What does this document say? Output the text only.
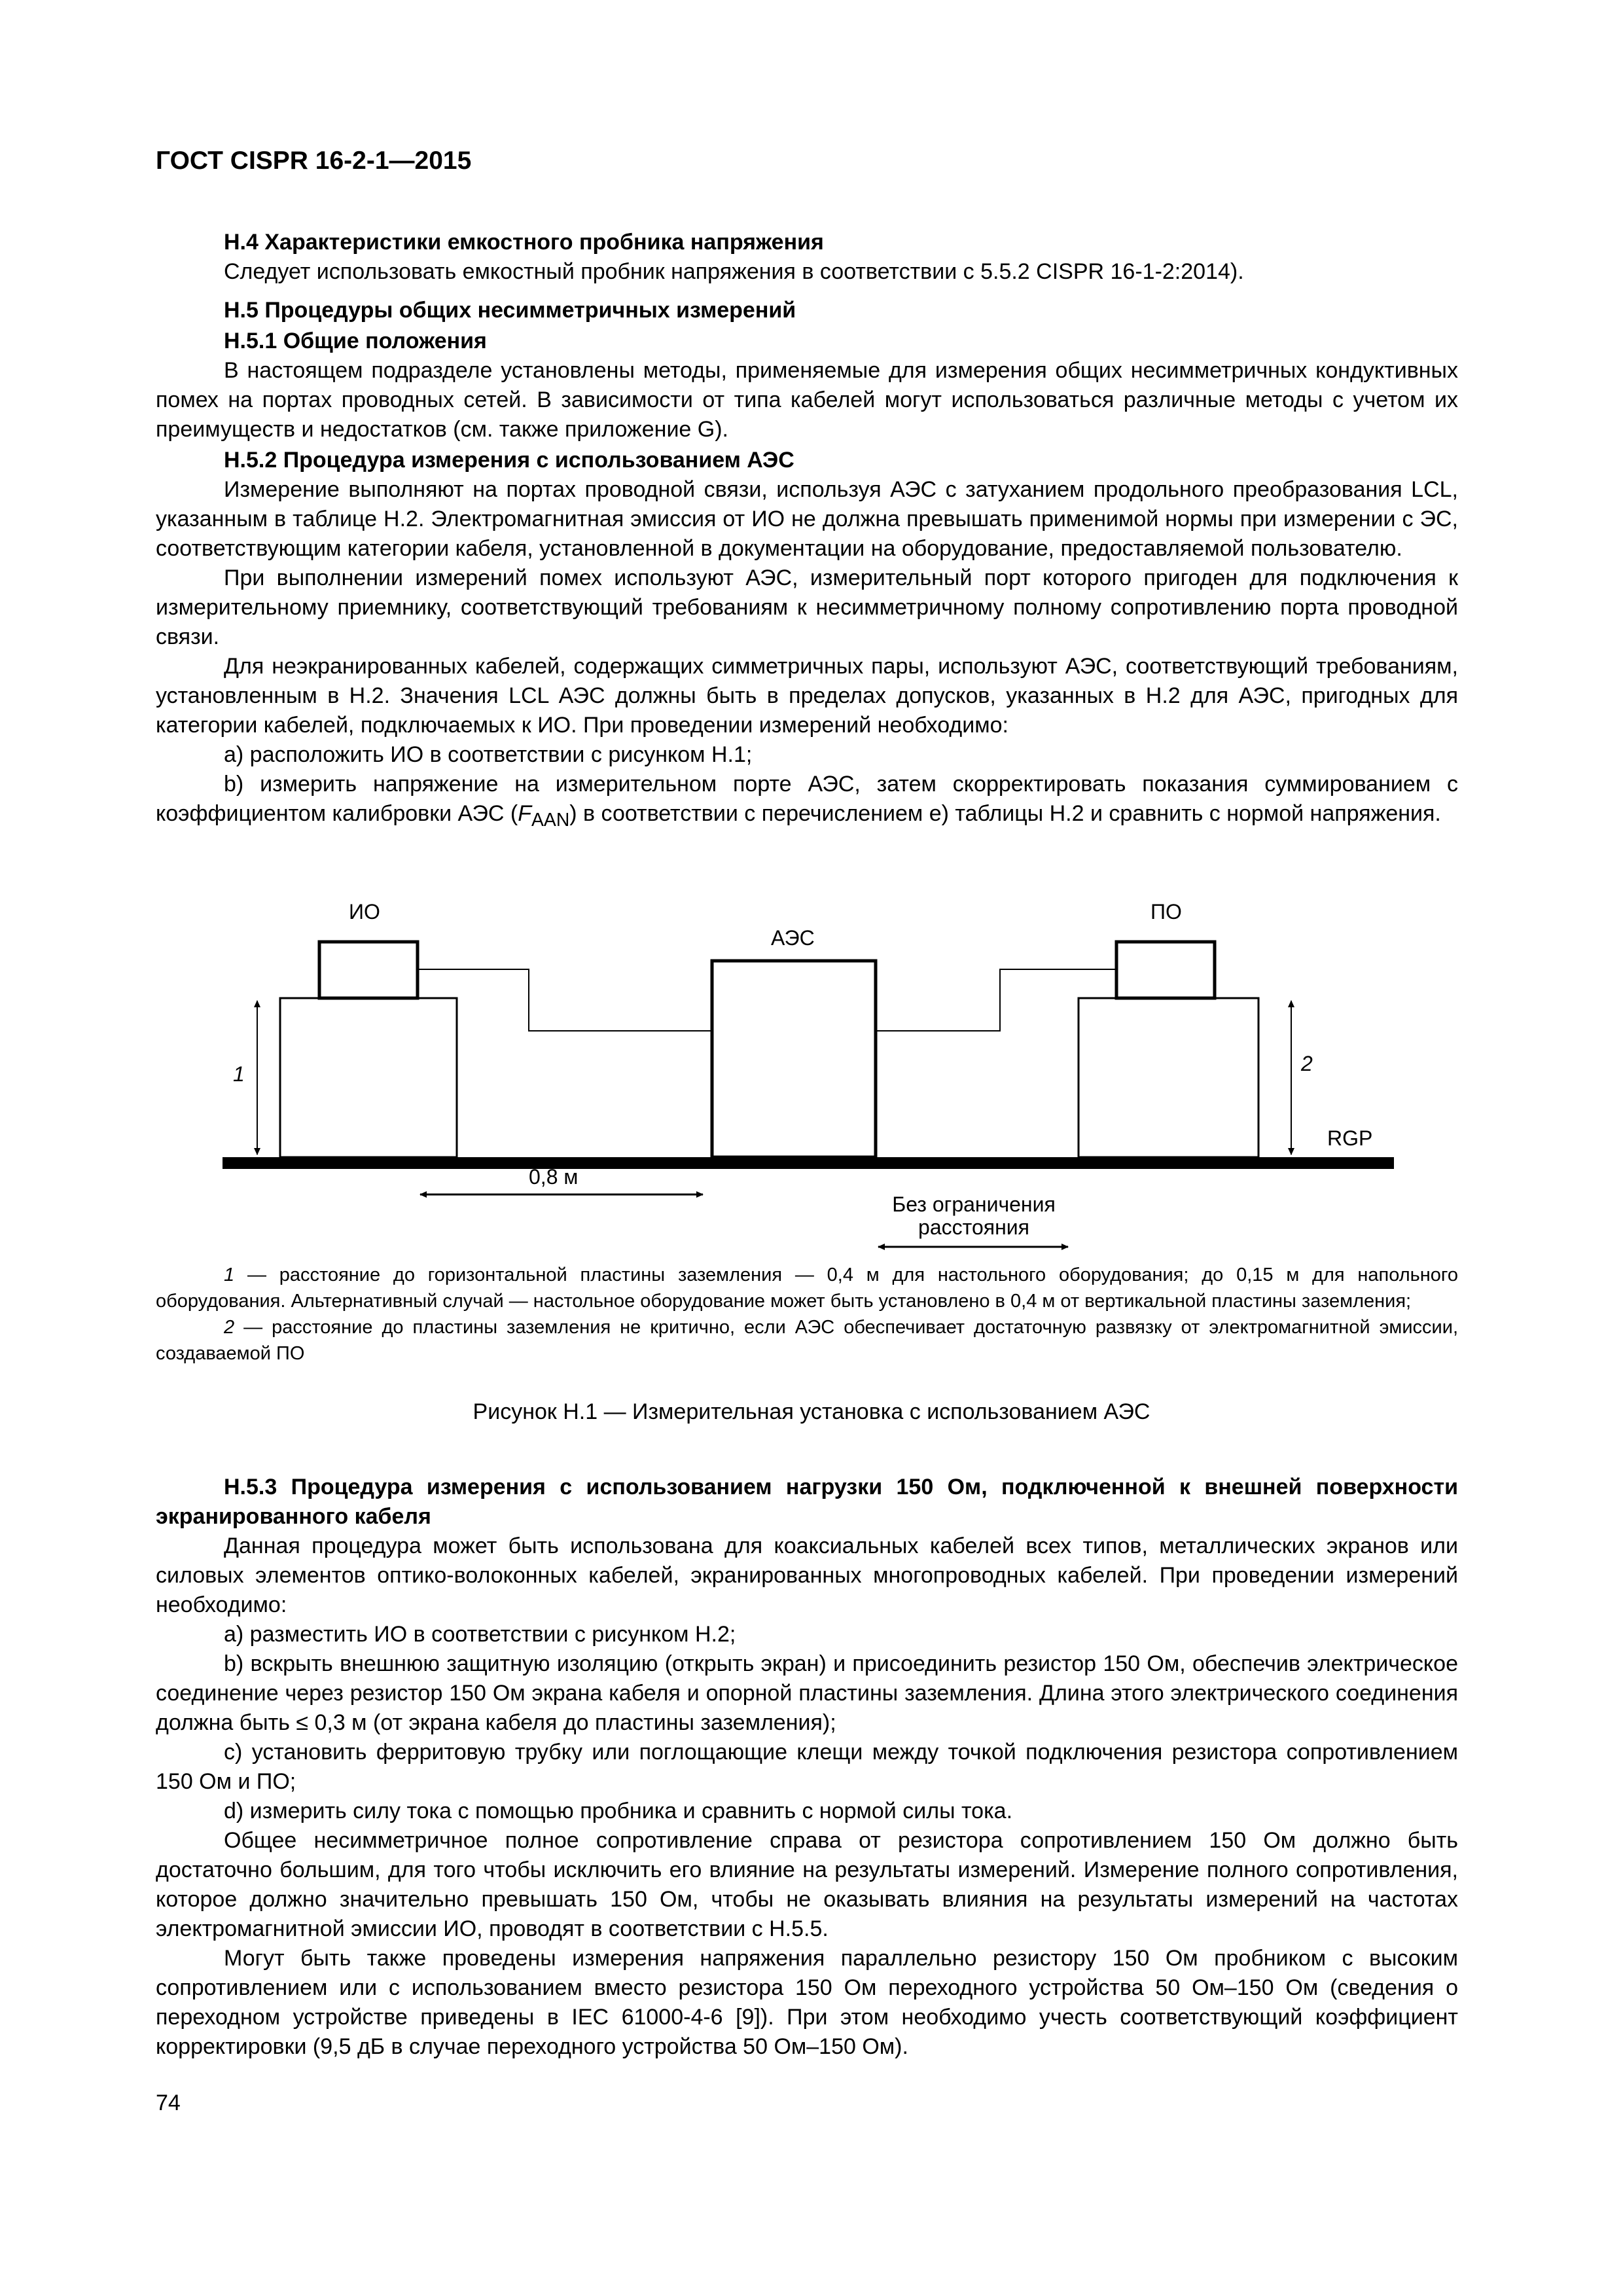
ГОСТ CISPR 16-2-1—2015

H.4 Характеристики емкостного пробника напряжения

Следует использовать емкостный пробник напряжения в соответствии с 5.5.2 CISPR 16-1-2:2014).

H.5 Процедуры общих несимметричных измерений

H.5.1 Общие положения

В настоящем подразделе установлены методы, применяемые для измерения общих несимметричных кондуктивных помех на портах проводных сетей. В зависимости от типа кабелей могут использоваться различные методы с учетом их преимуществ и недостатков (см. также приложение G).

H.5.2 Процедура измерения с использованием АЭС

Измерение выполняют на портах проводной связи, используя АЭС с затуханием продольного преобразования LCL, указанным в таблице H.2. Электромагнитная эмиссия от ИО не должна превышать применимой нормы при измерении с ЭС, соответствующим категории кабеля, установленной в документации на оборудование, предоставляемой пользователю.

При выполнении измерений помех используют АЭС, измерительный порт которого пригоден для подключения к измерительному приемнику, соответствующий требованиям к несимметричному полному сопротивлению порта проводной связи.

Для неэкранированных кабелей, содержащих симметричных пары, используют АЭС, соответствующий требованиям, установленным в H.2. Значения LCL АЭС должны быть в пределах допусков, указанных в H.2 для АЭС, пригодных для категории кабелей, подключаемых к ИО. При проведении измерений необходимо:

a) расположить ИО в соответствии с рисунком H.1;

b) измерить напряжение на измерительном порте АЭС, затем скорректировать показания суммированием с коэффициентом калибровки АЭС $(F_{AAN})$ в соответствии с перечислением e) таблицы H.2 и сравнить с нормой напряжения.

ИО
АЭС
ПО
1	2
RGP
0,8 м
Без ограничения
расстояния

1 — расстояние до горизонтальной пластины заземления — 0,4 м для настольного оборудования; до 0,15 м для напольного оборудования. Альтернативный случай — настольное оборудование может быть установлено в 0,4 м от вертикальной пластины заземления;

2 — расстояние до пластины заземления не критично, если АЭС обеспечивает достаточную развязку от электромагнитной эмиссии, создаваемой ПО

Рисунок H.1 — Измерительная установка с использованием АЭС

H.5.3 Процедура измерения с использованием нагрузки 150 Ом, подключенной к внешней поверхности экранированного кабеля

Данная процедура может быть использована для коаксиальных кабелей всех типов, металлических экранов или силовых элементов оптико-волоконных кабелей, экранированных многопроводных кабелей. При проведении измерений необходимо:

a) разместить ИО в соответствии с рисунком H.2;

b) вскрыть внешнюю защитную изоляцию (открыть экран) и присоединить резистор 150 Ом, обеспечив электрическое соединение через резистор 150 Ом экрана кабеля и опорной пластины заземления. Длина этого электрического соединения должна быть ≤ 0,3 м (от экрана кабеля до пластины заземления);

c) установить ферритовую трубку или поглощающие клещи между точкой подключения резистора сопротивлением 150 Ом и ПО;

d) измерить силу тока с помощью пробника и сравнить с нормой силы тока.

Общее несимметричное полное сопротивление справа от резистора сопротивлением 150 Ом должно быть достаточно большим, для того чтобы исключить его влияние на результаты измерений. Измерение полного сопротивления, которое должно значительно превышать 150 Ом, чтобы не оказывать влияния на результаты измерений на частотах электромагнитной эмиссии ИО, проводят в соответствии с H.5.5.

Могут быть также проведены измерения напряжения параллельно резистору 150 Ом пробником с высоким сопротивлением или с использованием вместо резистора 150 Ом переходного устройства 50 Ом–150 Ом (сведения о переходном устройстве приведены в IEC 61000-4-6 [9]). При этом необходимо учесть соответствующий коэффициент корректировки (9,5 дБ в случае переходного устройства 50 Ом–150 Ом).

74
